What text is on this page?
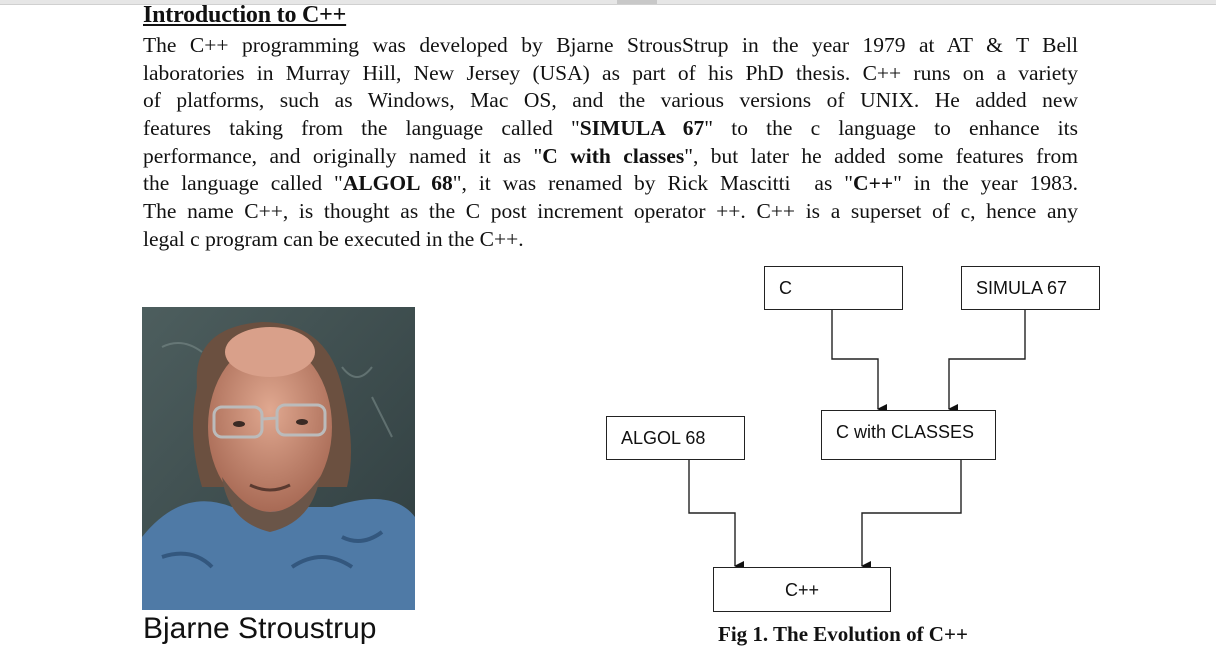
Introduction to C++
The C++ programming was developed by Bjarne StrousStrup in the year 1979 at AT & T Bell
laboratories in Murray Hill, New Jersey (USA) as part of his PhD thesis. C++ runs on a variety
of platforms, such as Windows, Mac OS, and the various versions of UNIX. He added new
features taking from the language called "SIMULA 67" to the c language to enhance its
performance, and originally named it as "C with classes", but later he added some features from
the language called "ALGOL 68", it was renamed by Rick Mascitti  as "C++" in the year 1983.
The name C++, is thought as the C post increment operator ++. C++ is a superset of c, hence any
legal c program can be executed in the C++.
Bjarne Stroustrup
C	SIMULA 67
C with CLASSES
ALGOL 68
C++
Fig 1. The Evolution of C++
